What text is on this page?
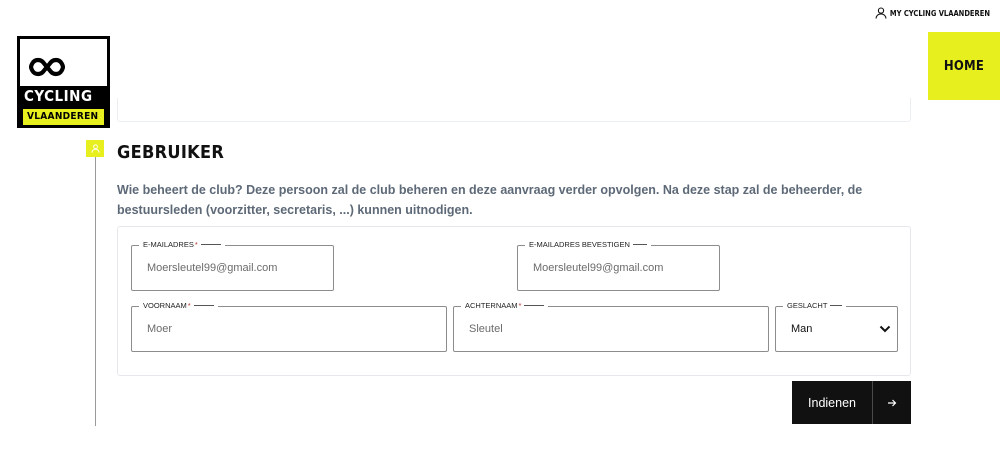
MY CYCLING VLAANDEREN
HOME
CYCLING
VLAANDEREN
GEBRUIKER
Wie beheert de club? Deze persoon zal de club beheren en deze aanvraag verder opvolgen. Na deze stap zal de beheerder, de bestuursleden (voorzitter, secretaris, ...) kunnen uitnodigen.
E-MAILADRES *
Moersleutel99@gmail.com
E-MAILADRES BEVESTIGEN
Moersleutel99@gmail.com
VOORNAAM *
Moer
ACHTERNAAM *
Sleutel
GESLACHT
Man
Indienen
